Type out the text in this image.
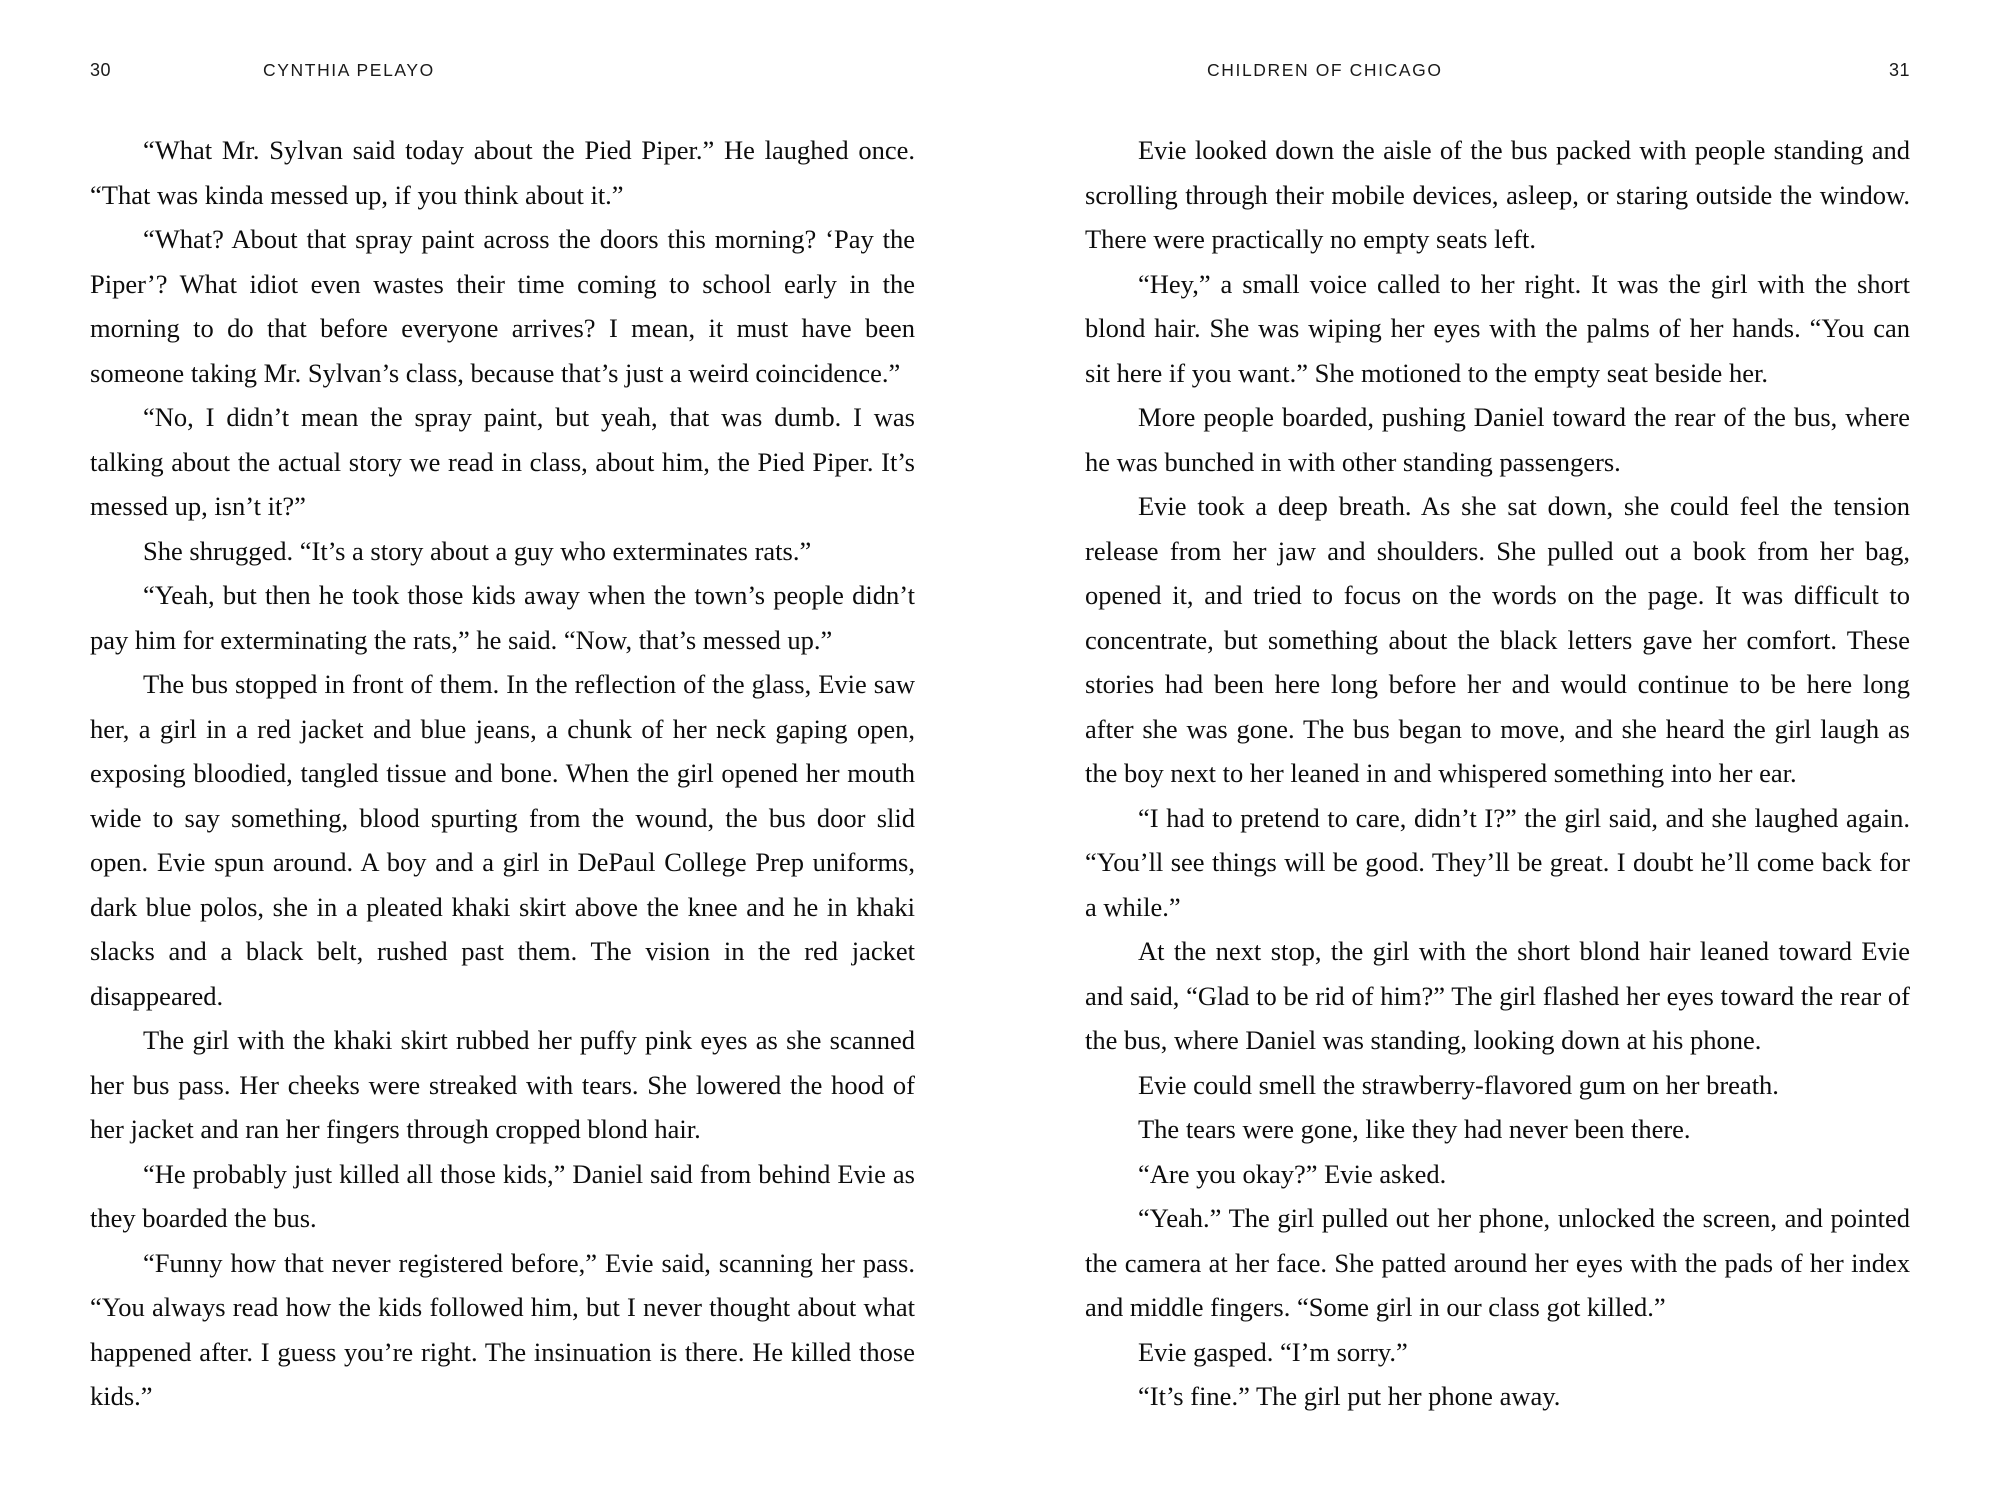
30	CYNTHIA PELAYO

“What Mr. Sylvan said today about the Pied Piper.” He laughed once. “That was kinda messed up, if you think about it.”

“What? About that spray paint across the doors this morning? ‘Pay the Piper’? What idiot even wastes their time coming to school early in the morning to do that before everyone arrives? I mean, it must have been someone taking Mr. Sylvan’s class, because that’s just a weird coincidence.”

“No, I didn’t mean the spray paint, but yeah, that was dumb. I was talking about the actual story we read in class, about him, the Pied Piper. It’s messed up, isn’t it?”

She shrugged. “It’s a story about a guy who exterminates rats.”

“Yeah, but then he took those kids away when the town’s people didn’t pay him for exterminating the rats,” he said. “Now, that’s messed up.”

The bus stopped in front of them. In the reflection of the glass, Evie saw her, a girl in a red jacket and blue jeans, a chunk of her neck gaping open, exposing bloodied, tangled tissue and bone. When the girl opened her mouth wide to say something, blood spurting from the wound, the bus door slid open. Evie spun around. A boy and a girl in DePaul College Prep uniforms, dark blue polos, she in a pleated khaki skirt above the knee and he in khaki slacks and a black belt, rushed past them. The vision in the red jacket disappeared.

The girl with the khaki skirt rubbed her puffy pink eyes as she scanned her bus pass. Her cheeks were streaked with tears. She lowered the hood of her jacket and ran her fingers through cropped blond hair.

“He probably just killed all those kids,” Daniel said from behind Evie as they boarded the bus.

“Funny how that never registered before,” Evie said, scanning her pass. “You always read how the kids followed him, but I never thought about what happened after. I guess you’re right. The insinuation is there. He killed those kids.”

CHILDREN OF CHICAGO	31

Evie looked down the aisle of the bus packed with people standing and scrolling through their mobile devices, asleep, or staring outside the window. There were practically no empty seats left.

“Hey,” a small voice called to her right. It was the girl with the short blond hair. She was wiping her eyes with the palms of her hands. “You can sit here if you want.” She motioned to the empty seat beside her.

More people boarded, pushing Daniel toward the rear of the bus, where he was bunched in with other standing passengers.

Evie took a deep breath. As she sat down, she could feel the tension release from her jaw and shoulders. She pulled out a book from her bag, opened it, and tried to focus on the words on the page. It was difficult to concentrate, but something about the black letters gave her comfort. These stories had been here long before her and would continue to be here long after she was gone. The bus began to move, and she heard the girl laugh as the boy next to her leaned in and whispered something into her ear.

“I had to pretend to care, didn’t I?” the girl said, and she laughed again. “You’ll see things will be good. They’ll be great. I doubt he’ll come back for a while.”

At the next stop, the girl with the short blond hair leaned toward Evie and said, “Glad to be rid of him?” The girl flashed her eyes toward the rear of the bus, where Daniel was standing, looking down at his phone.

Evie could smell the strawberry-flavored gum on her breath.

The tears were gone, like they had never been there.

“Are you okay?” Evie asked.

“Yeah.” The girl pulled out her phone, unlocked the screen, and pointed the camera at her face. She patted around her eyes with the pads of her index and middle fingers. “Some girl in our class got killed.”

Evie gasped. “I’m sorry.”

“It’s fine.” The girl put her phone away.
